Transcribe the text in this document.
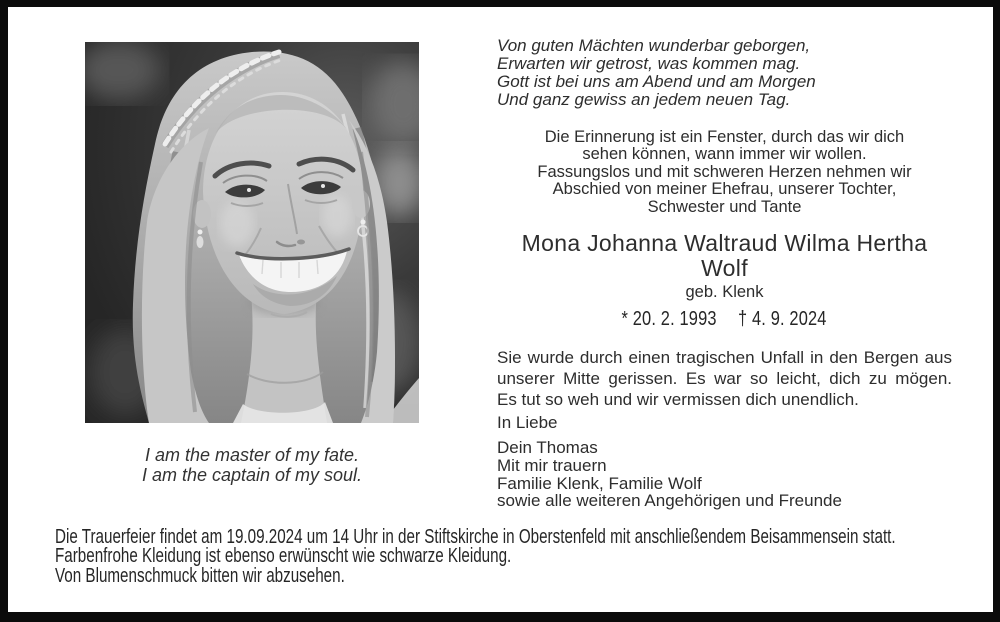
I am the master of my fate.
I am the captain of my soul.
Von guten Mächten wunderbar geborgen,
Erwarten wir getrost, was kommen mag.
Gott ist bei uns am Abend und am Morgen
Und ganz gewiss an jedem neuen Tag.
Die Erinnerung ist ein Fenster, durch das wir dich
sehen können, wann immer wir wollen.
Fassungslos und mit schweren Herzen nehmen wir
Abschied von meiner Ehefrau, unserer Tochter,
Schwester und Tante
Mona Johanna Waltraud Wilma Hertha
Wolf
geb. Klenk
* 20. 2. 1993 † 4. 9. 2024
Sie wurde durch einen tragischen Unfall in den Bergen aus
unserer Mitte gerissen. Es war so leicht, dich zu mögen.
Es tut so weh und wir vermissen dich unendlich.
In Liebe
Dein Thomas
Mit mir trauern
Familie Klenk, Familie Wolf
sowie alle weiteren Angehörigen und Freunde
Die Trauerfeier findet am 19.09.2024 um 14 Uhr in der Stiftskirche in Oberstenfeld mit anschließendem Beisammensein statt.
Farbenfrohe Kleidung ist ebenso erwünscht wie schwarze Kleidung.
Von Blumenschmuck bitten wir abzusehen.
